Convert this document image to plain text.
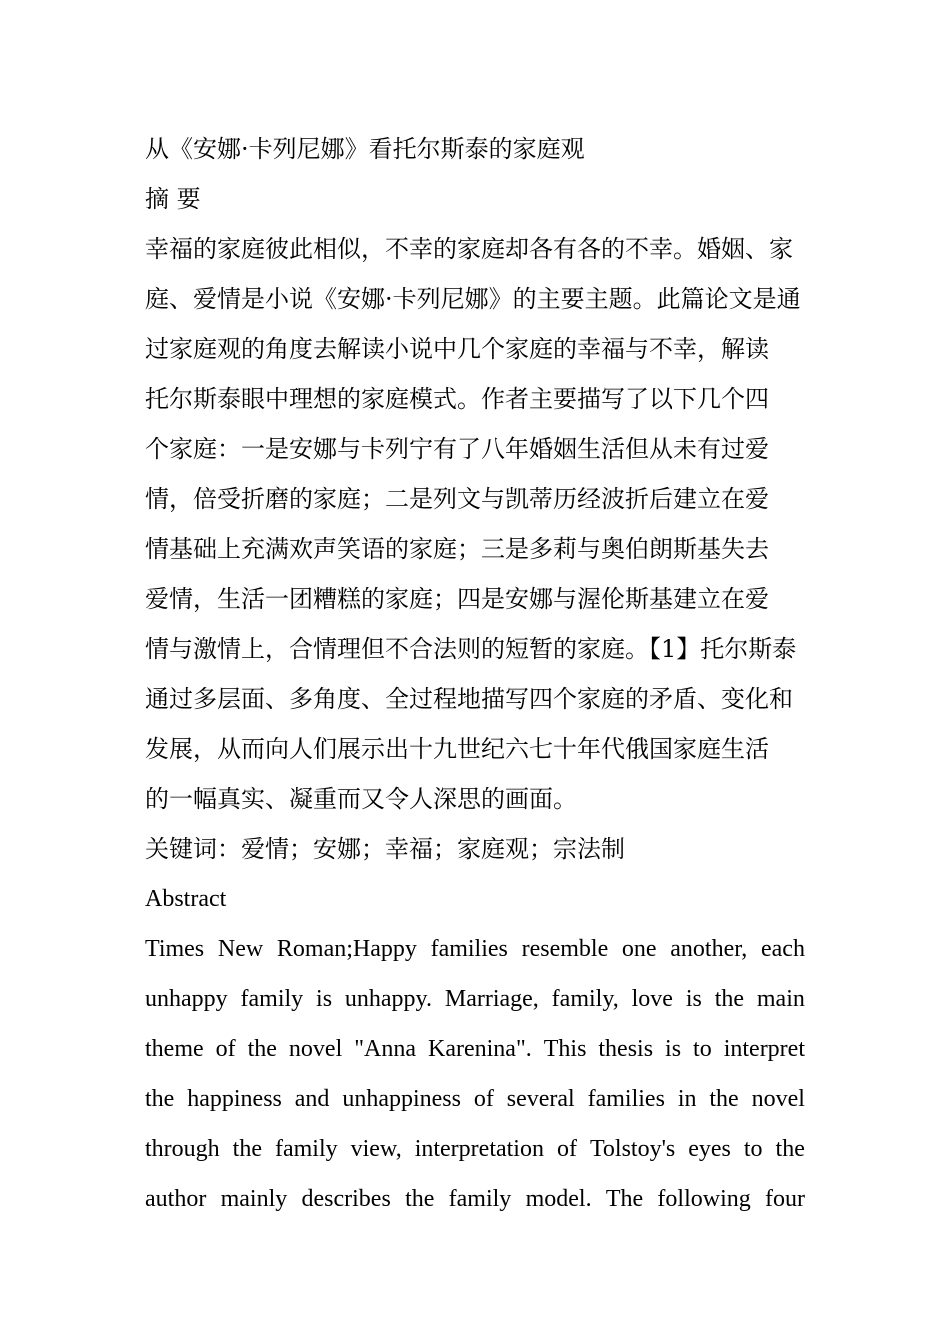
从《安娜·卡列尼娜》看托尔斯泰的家庭观

摘 要

幸福的家庭彼此相似，不幸的家庭却各有各的不幸。婚姻、家

庭、爱情是小说《安娜·卡列尼娜》的主要主题。此篇论文是通

过家庭观的角度去解读小说中几个家庭的幸福与不幸，解读

托尔斯泰眼中理想的家庭模式。作者主要描写了以下几个四

个家庭：一是安娜与卡列宁有了八年婚姻生活但从未有过爱

情，倍受折磨的家庭；二是列文与凯蒂历经波折后建立在爱

情基础上充满欢声笑语的家庭；三是多莉与奥伯朗斯基失去

爱情，生活一团糟糕的家庭；四是安娜与渥伦斯基建立在爱

情与激情上，合情理但不合法则的短暂的家庭。【1】托尔斯泰

通过多层面、多角度、全过程地描写四个家庭的矛盾、变化和

发展，从而向人们展示出十九世纪六七十年代俄国家庭生活

的一幅真实、凝重而又令人深思的画面。

关键词：爱情；安娜；幸福；家庭观；宗法制

Abstract

Times New Roman;Happy families resemble one another, each

unhappy family is unhappy. Marriage, family, love is the main

theme of the novel "Anna Karenina". This thesis is to interpret

the happiness and unhappiness of several families in the novel

through the family view, interpretation of Tolstoy's eyes to the

author mainly describes the family model. The following four
